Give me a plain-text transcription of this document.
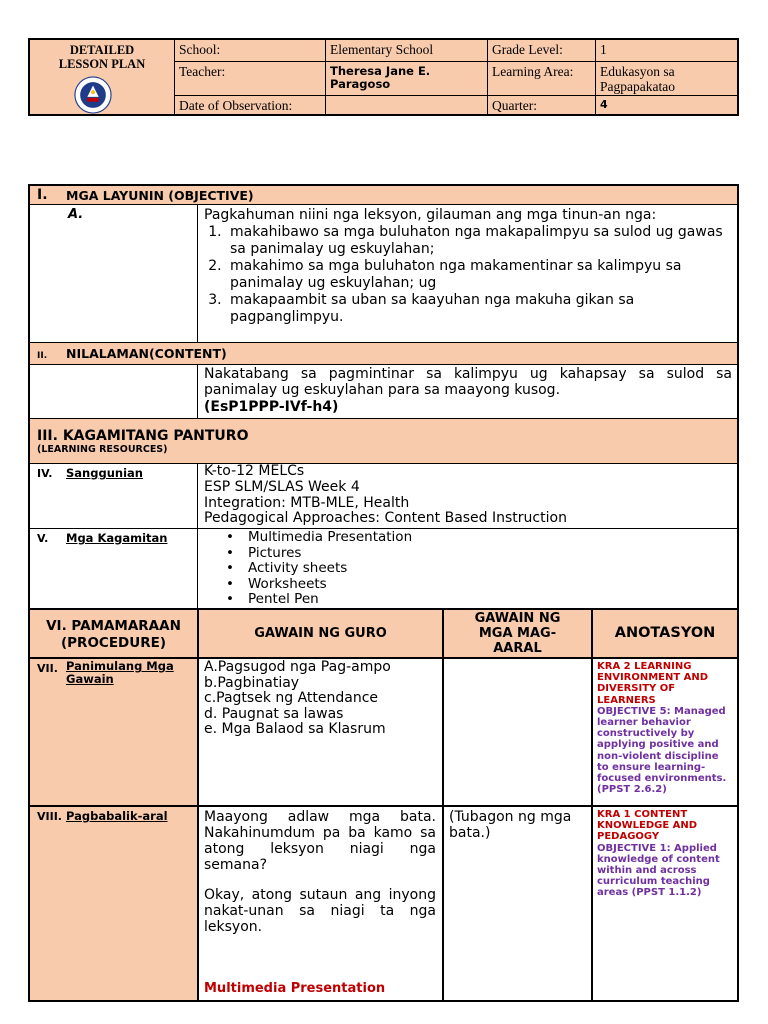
DETAILED
LESSON PLAN
School:	Elementary School	Grade Level:	1
Teacher:	Theresa Jane E.
Paragoso
Learning Area:	Edukasyon sa
Pagpapakatao
Date of Observation:	Quarter:	4
I. MGA LAYUNIN (OBJECTIVE)
A.	Pagkahuman niini nga leksyon, gilauman ang mga tinun-an nga:
1. makahibawo sa mga buluhaton nga makapalimpyu sa sulod ug gawas sa panimalay ug eskuylahan;
2. makahimo sa mga buluhaton nga makamentinar sa kalimpyu sa panimalay ug eskuylahan; ug
3. makapaambit sa uban sa kaayuhan nga makuha gikan sa pagpanglimpyu.
II. NILALAMAN(CONTENT)
Nakatabang sa pagmintinar sa kalimpyu ug kahapsay sa sulod sa panimalay ug eskuylahan para sa maayong kusog.
(EsP1PPP-IVf-h4)
III. KAGAMITANG PANTURO
(LEARNING RESOURCES)
IV. Sanggunian	K-to-12 MELCs
ESP SLM/SLAS Week 4
Integration: MTB-MLE, Health
Pedagogical Approaches: Content Based Instruction
V. Mga Kagamitan
•	Multimedia Presentation
• Pictures
• Activity sheets
• Worksheets
• Pentel Pen
VI. PAMAMARAAN
(PROCEDURE)
GAWAIN NG GURO
GAWAIN NG
MGA MAG-
AARAL
ANOTASYON
VII. Panimulang Mga
Gawain
A.Pagsugod nga Pag-ampo
b.Pagbinatiay
c.Pagtsek ng Attendance
d. Paugnat sa lawas
e. Mga Balaod sa Klasrum
KRA 2 LEARNING
ENVIRONMENT AND
DIVERSITY OF
LEARNERS
OBJECTIVE 5: Managed
learner behavior
constructively by
applying positive and
non-violent discipline
to ensure learning-
focused environments.
(PPST 2.6.2)
VIII. Pagbabalik-aral	Maayong adlaw mga bata. Nakahinumdum pa ba kamo sa atong leksyon niagi nga semana?
Okay, atong sutaun ang inyong nakat-unan sa niagi ta nga leksyon.
Multimedia Presentation
(Tubagon ng mga
bata.)
KRA 1 CONTENT
KNOWLEDGE AND
PEDAGOGY
OBJECTIVE 1: Applied
knowledge of content
within and across
curriculum teaching
areas (PPST 1.1.2)
